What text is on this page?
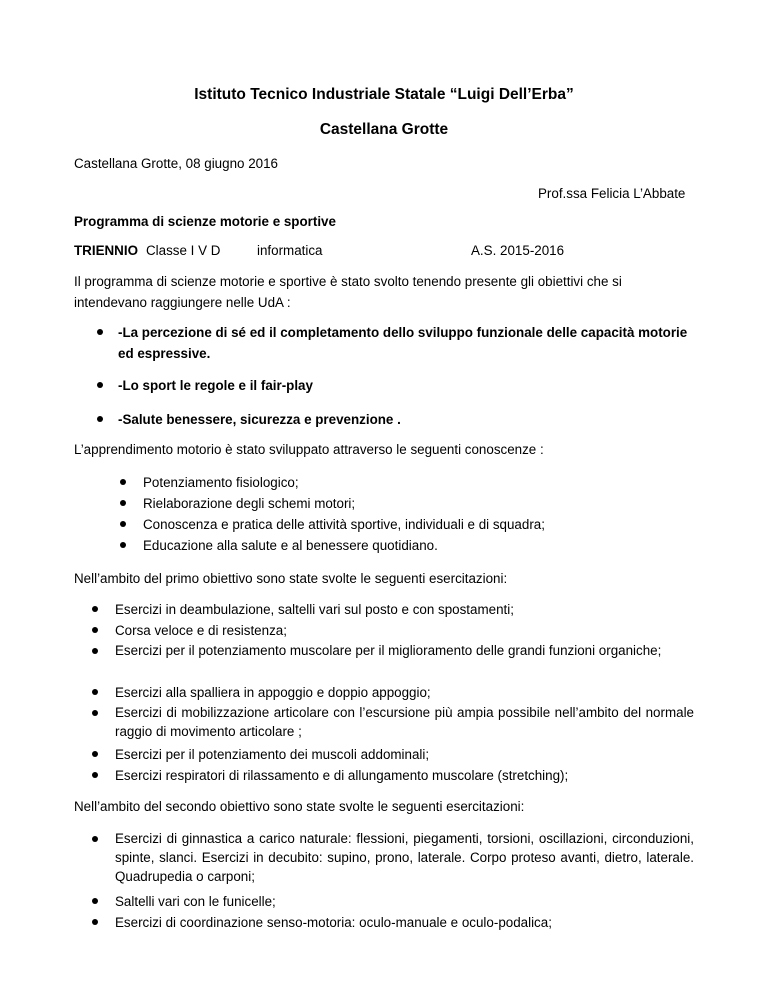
Istituto Tecnico Industriale Statale “Luigi Dell’Erba”
Castellana Grotte
Castellana Grotte, 08 giugno 2016
Prof.ssa Felicia L’Abbate
Programma di scienze motorie e sportive
TRIENNIO Classe I V D	informatica	A.S. 2015-2016
Il programma di scienze motorie e sportive è stato svolto tenendo presente gli obiettivi che si
intendevano raggiungere nelle UdA :
-La percezione di sé ed il completamento dello sviluppo funzionale delle capacità motorie
ed espressive.
-Lo sport le regole e il fair-play
-Salute benessere, sicurezza e prevenzione .
L’apprendimento motorio è stato sviluppato attraverso le seguenti conoscenze :
Potenziamento fisiologico;
Rielaborazione degli schemi motori;
Conoscenza e pratica delle attività sportive, individuali e di squadra;
Educazione alla salute e al benessere quotidiano.
Nell’ambito del primo obiettivo sono state svolte le seguenti esercitazioni:
Esercizi in deambulazione, saltelli vari sul posto e con spostamenti;
Corsa veloce e di resistenza;
Esercizi per il potenziamento muscolare per il miglioramento delle grandi funzioni organiche;
Esercizi alla spalliera in appoggio e doppio appoggio;
Esercizi di mobilizzazione articolare con l’escursione più ampia possibile nell’ambito del normale raggio di movimento articolare ;
Esercizi per il potenziamento dei muscoli addominali;
Esercizi respiratori di rilassamento e di allungamento muscolare (stretching);
Nell’ambito del secondo obiettivo sono state svolte le seguenti esercitazioni:
Esercizi di ginnastica a carico naturale: flessioni, piegamenti, torsioni, oscillazioni, circonduzioni, spinte, slanci. Esercizi in decubito: supino, prono, laterale. Corpo proteso avanti, dietro, laterale. Quadrupedia o carponi;
Saltelli vari con le funicelle;
Esercizi di coordinazione senso-motoria: oculo-manuale e oculo-podalica;
